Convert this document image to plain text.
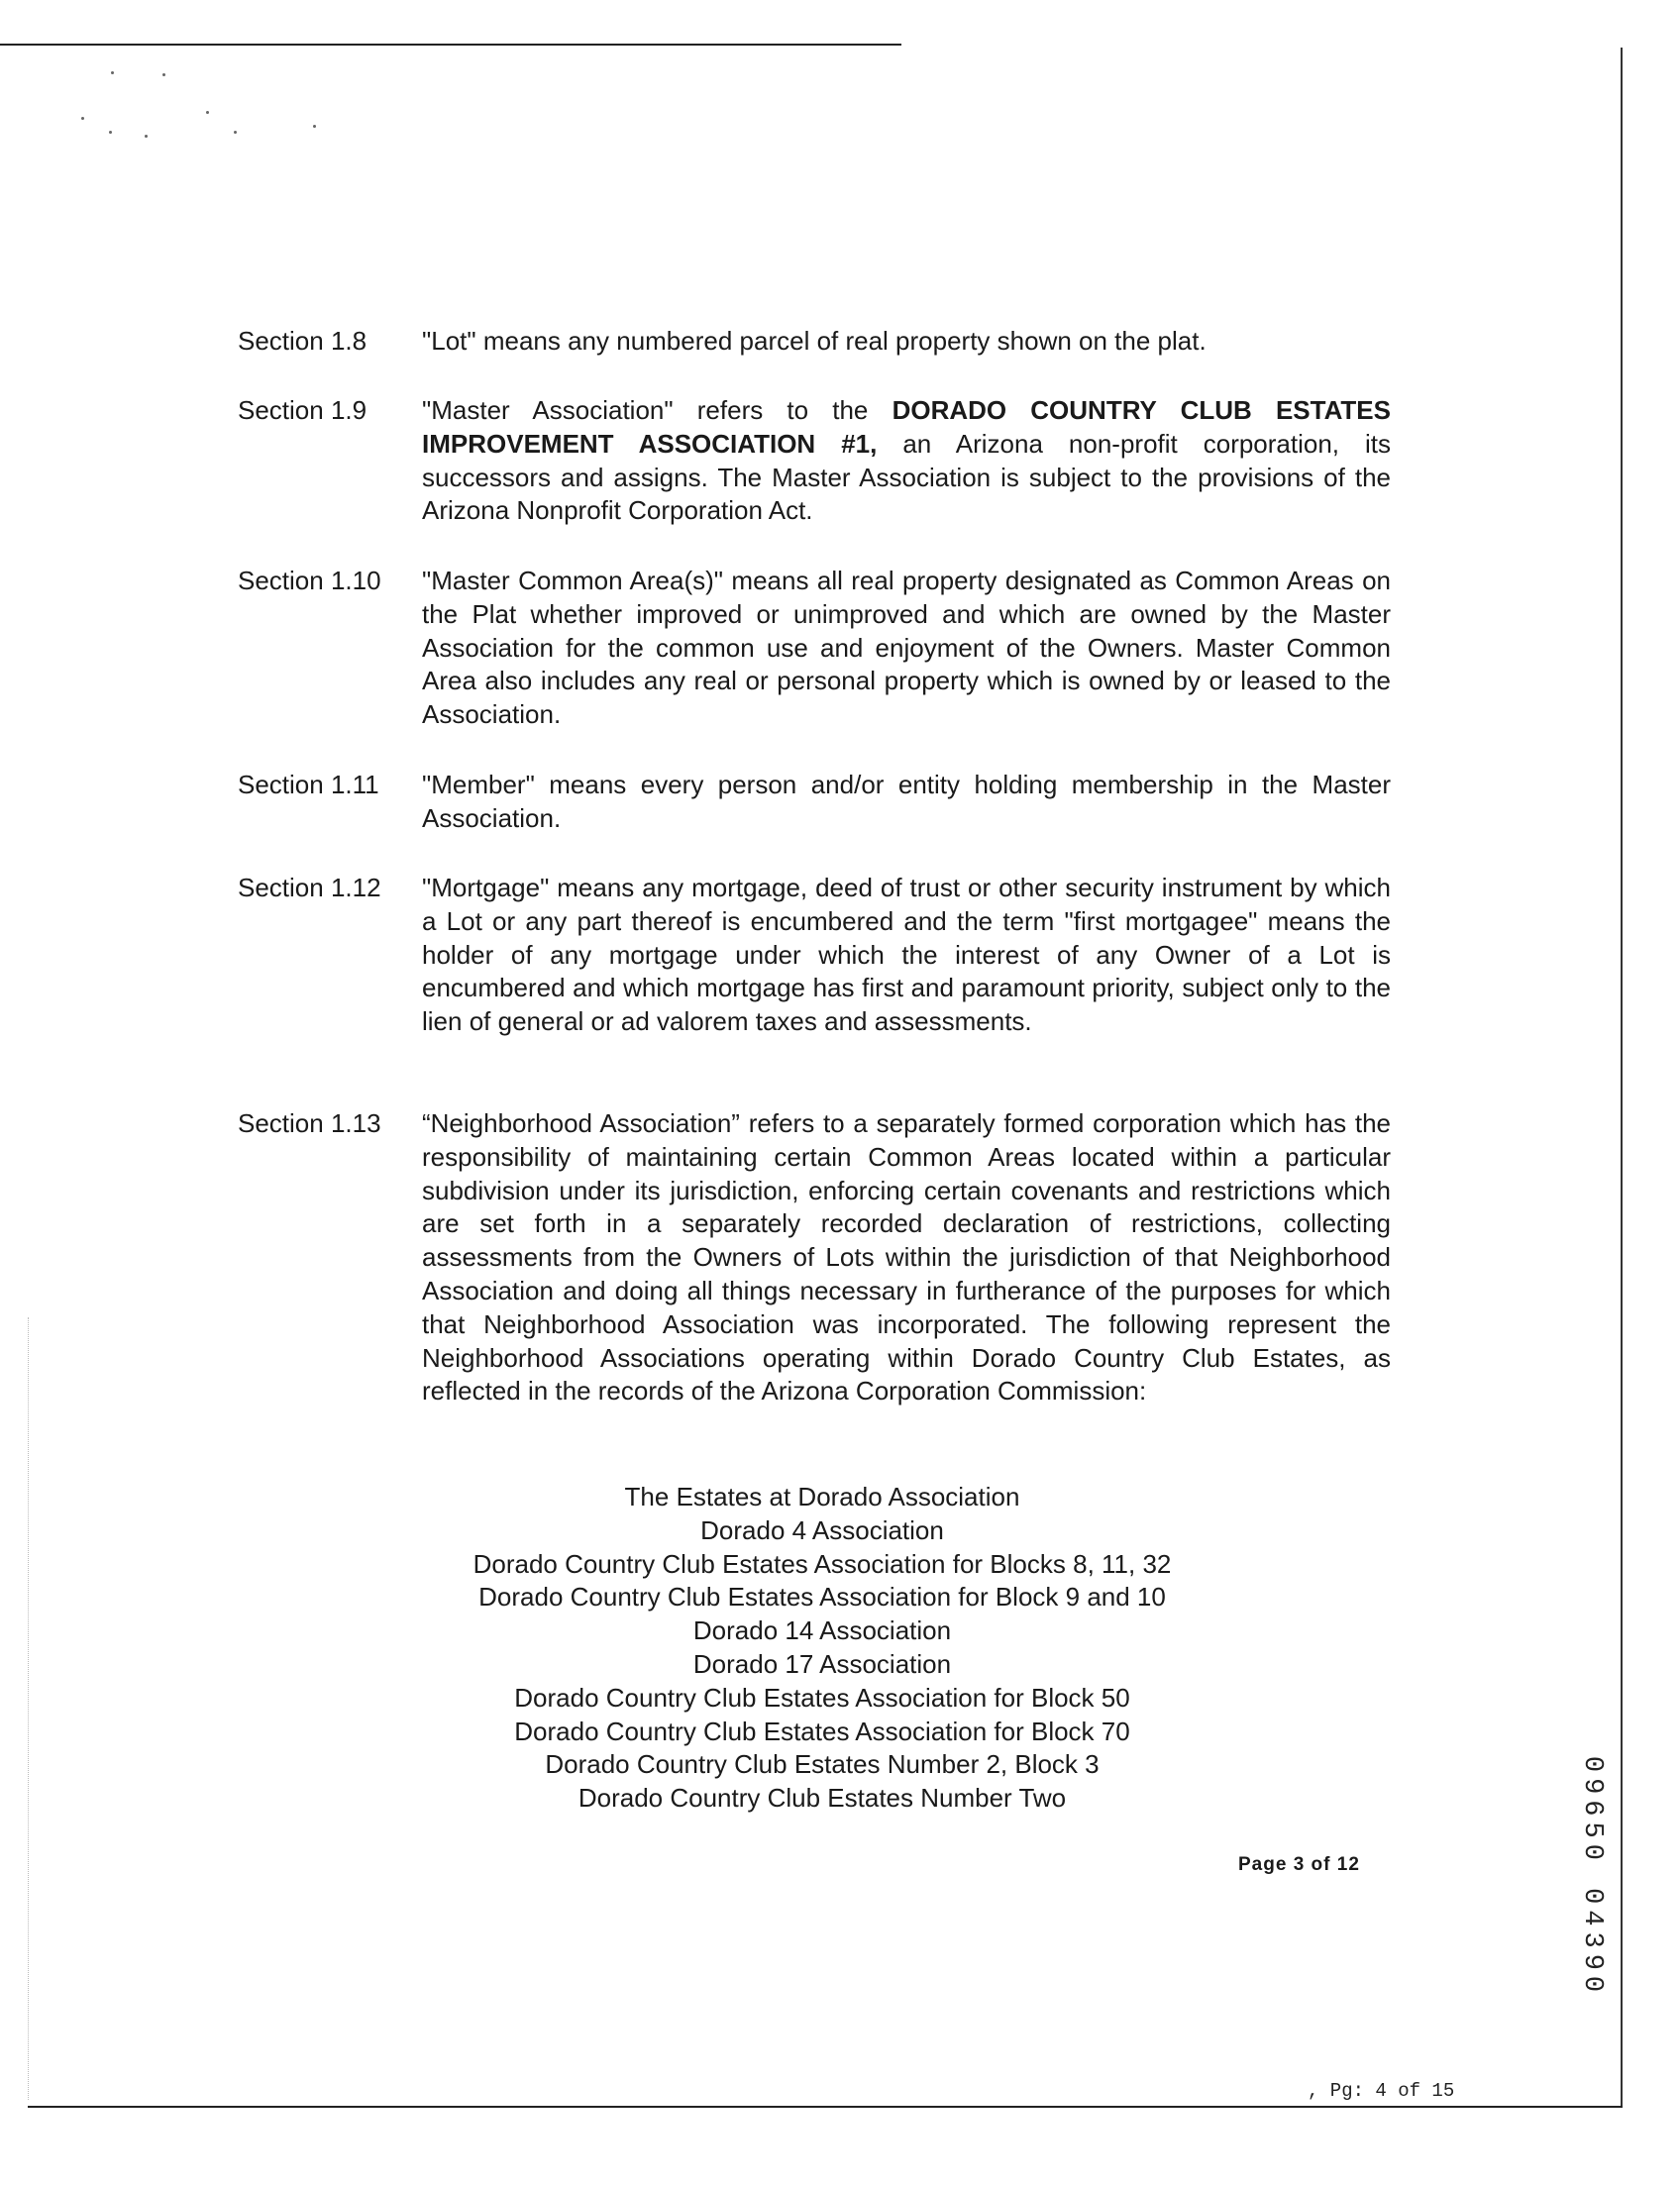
Section 1.8	"Lot" means any numbered parcel of real property shown on the plat.
Section 1.9	"Master Association" refers to the DORADO COUNTRY CLUB ESTATES IMPROVEMENT ASSOCIATION #1, an Arizona non-profit corporation, its successors and assigns. The Master Association is subject to the provisions of the Arizona Nonprofit Corporation Act.
Section 1.10	"Master Common Area(s)" means all real property designated as Common Areas on the Plat whether improved or unimproved and which are owned by the Master Association for the common use and enjoyment of the Owners. Master Common Area also includes any real or personal property which is owned by or leased to the Association.
Section 1.11	"Member" means every person and/or entity holding membership in the Master Association.
Section 1.12	"Mortgage" means any mortgage, deed of trust or other security instrument by which a Lot or any part thereof is encumbered and the term "first mortgagee" means the holder of any mortgage under which the interest of any Owner of a Lot is encumbered and which mortgage has first and paramount priority, subject only to the lien of general or ad valorem taxes and assessments.
Section 1.13	“Neighborhood Association” refers to a separately formed corporation which has the responsibility of maintaining certain Common Areas located within a particular subdivision under its jurisdiction, enforcing certain covenants and restrictions which are set forth in a separately recorded declaration of restrictions, collecting assessments from the Owners of Lots within the jurisdiction of that Neighborhood Association and doing all things necessary in furtherance of the purposes for which that Neighborhood Association was incorporated. The following represent the Neighborhood Associations operating within Dorado Country Club Estates, as reflected in the records of the Arizona Corporation Commission:
The Estates at Dorado Association
Dorado 4 Association
Dorado Country Club Estates Association for Blocks 8, 11, 32
Dorado Country Club Estates Association for Block 9 and 10
Dorado 14 Association
Dorado 17 Association
Dorado Country Club Estates Association for Block 50
Dorado Country Club Estates Association for Block 70
Dorado Country Club Estates Number 2, Block 3
Dorado Country Club Estates Number Two
Page 3 of 12	09650 04390
, Pg: 4 of 15
